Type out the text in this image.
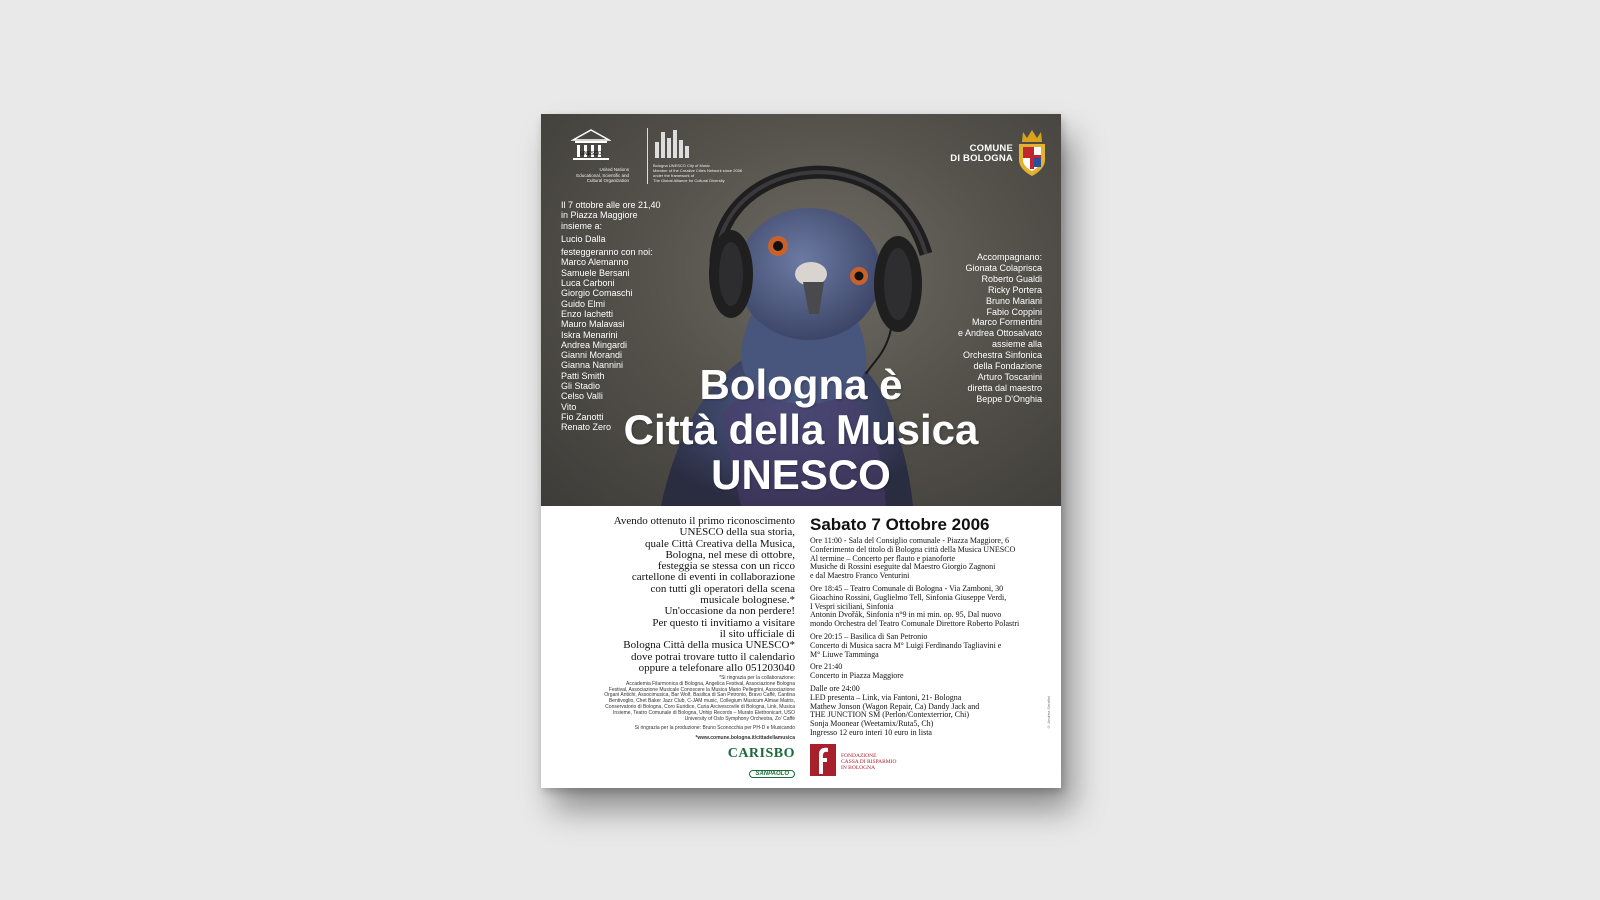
UNESCO
United Nations
Educational, Scientific and
Cultural Organization
Bologna UNESCO City of Music
Member of the Creative Cities Network since 2006
under the framework of
The Global Alliance for Cultural Diversity
COMUNE
DI BOLOGNA
Il 7 ottobre alle ore 21,40
in Piazza Maggiore
insieme a:
Lucio Dalla
festeggeranno con noi:
Marco Alemanno
Samuele Bersani
Luca Carboni
Giorgio Comaschi
Guido Elmi
Enzo Iachetti
Mauro Malavasi
Iskra Menarini
Andrea Mingardi
Gianni Morandi
Gianna Nannini
Patti Smith
Gli Stadio
Celso Valli
Vito
Fio Zanotti
Renato Zero
Accompagnano:
Gionata Colaprisca
Roberto Gualdi
Ricky Portera
Bruno Mariani
Fabio Coppini
Marco Formentini
e Andrea Ottosalvato
assieme alla
Orchestra Sinfonica
della Fondazione
Arturo Toscanini
diretta dal maestro
Beppe D'Onghia
Bologna è
Città della Musica
UNESCO
Avendo ottenuto il primo riconoscimento
UNESCO della sua storia,
quale Città Creativa della Musica,
Bologna, nel mese di ottobre,
festeggia se stessa con un ricco
cartellone di eventi in collaborazione
con tutti gli operatori della scena
musicale bolognese.*
Un'occasione da non perdere!
Per questo ti invitiamo a visitare
il sito ufficiale di
Bologna Città della musica UNESCO*
dove potrai trovare tutto il calendario
oppure a telefonare allo 051203040
*Si ringrazia per la collaborazione:
Accademia Filarmonica di Bologna, Angelica Festival, Associazione Bologna
Festival, Associazione Musicale Conoscere la Musica Mario Pellegrini, Associazione
Organi Antichi, Associmusica, Bar Wolf, Basilica di San Petronio, Bravo Caffè, Cantina
Bentivoglio, Chet Baker Jazz Club, C-JAM music, Collegium Musicum Almae Matris,
Conservatorio di Bologna, Coro Euridice, Curia Arcivescovile di Bologna, Link, Musica
Insieme, Teatro Comunale di Bologna, Unhip Records – Murato Elettronicart, USO
University of Oslo Symphony Orchestra, Zo' Caffè
Si ringrazia per la produzione: Bruno Sconocchia per PH-D e Musicando
*www.comune.bologna.it/cittadellamusica
Sabato 7 Ottobre 2006
Ore 11:00 - Sala del Consiglio comunale - Piazza Maggiore, 6
Conferimento del titolo di Bologna città della Musica UNESCO
Al termine – Concerto per flauto e pianoforte
Musiche di Rossini eseguite dal Maestro Giorgio Zagnoni
e dal Maestro Franco Venturini
Ore 18:45 – Teatro Comunale di Bologna - Via Zamboni, 30
Gioachino Rossini, Guglielmo Tell, Sinfonia Giuseppe Verdi,
I Vespri siciliani, Sinfonia
Antonin Dvořák, Sinfonia n°9 in mi min. op. 95, Dal nuovo
mondo Orchestra del Teatro Comunale Direttore Roberto Polastri
Ore 20:15 – Basilica di San Petronio
Concerto di Musica sacra M° Luigi Ferdinando Tagliavini e
M° Liuwe Tamminga
Ore 21:40
Concerto in Piazza Maggiore
Dalle ore 24:00
LED presenta – Link, via Fantoni, 21- Bologna
Mathew Jonson (Wagon Repair, Ca) Dandy Jack and
THE JUNCTION SM (Perlon/Contexterrior, Chi)
Sonja Moonear (Weetamix/Ruta5, Ch)
Ingresso 12 euro interi 10 euro in lista
CARISBO
SANPAOLO
FONDAZIONE
CASSA DI RISPARMIO
IN BOLOGNA
© Andrea Serafini
